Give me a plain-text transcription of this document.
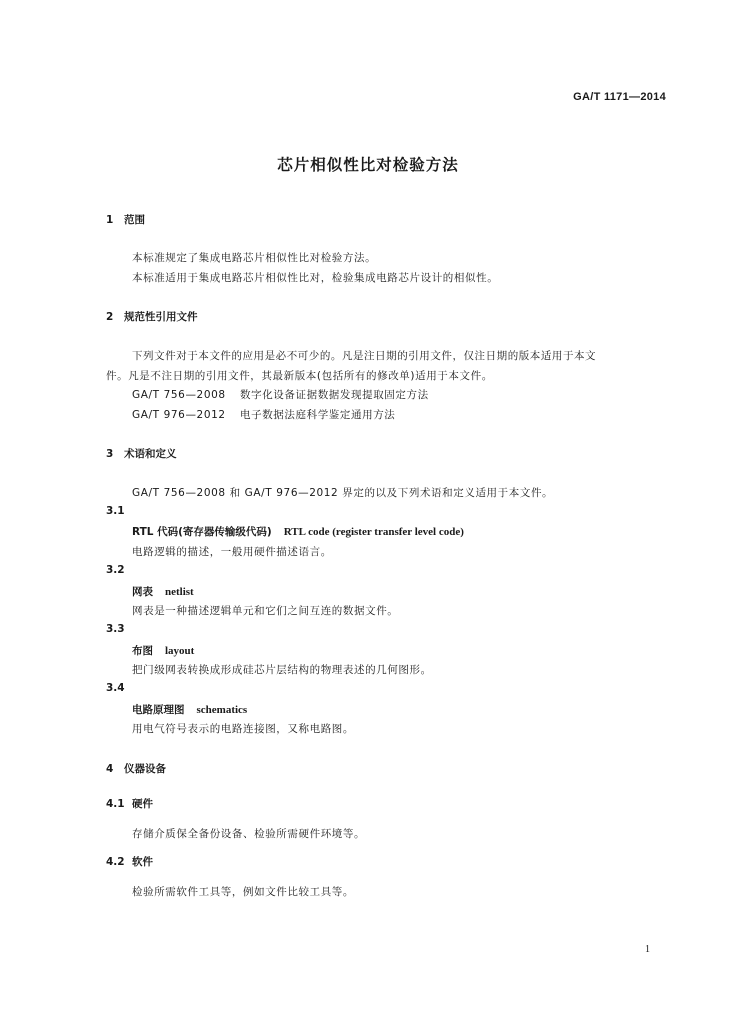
GA/T 1171—2014
芯片相似性比对检验方法
1 范围
本标准规定了集成电路芯片相似性比对检验方法。
本标准适用于集成电路芯片相似性比对，检验集成电路芯片设计的相似性。
2 规范性引用文件
下列文件对于本文件的应用是必不可少的。凡是注日期的引用文件，仅注日期的版本适用于本文
件。凡是不注日期的引用文件，其最新版本(包括所有的修改单)适用于本文件。
GA/T 756—2008 数字化设备证据数据发现提取固定方法
GA/T 976—2012 电子数据法庭科学鉴定通用方法
3 术语和定义
GA/T 756—2008 和 GA/T 976—2012 界定的以及下列术语和定义适用于本文件。
3.1
RTL 代码(寄存器传输级代码) RTL code (register transfer level code)
电路逻辑的描述，一般用硬件描述语言。
3.2
网表 netlist
网表是一种描述逻辑单元和它们之间互连的数据文件。
3.3
布图 layout
把门级网表转换成形成硅芯片层结构的物理表述的几何图形。
3.4
电路原理图 schematics
用电气符号表示的电路连接图，又称电路图。
4 仪器设备
4.1 硬件
存储介质保全备份设备、检验所需硬件环境等。
4.2 软件
检验所需软件工具等，例如文件比较工具等。
1
